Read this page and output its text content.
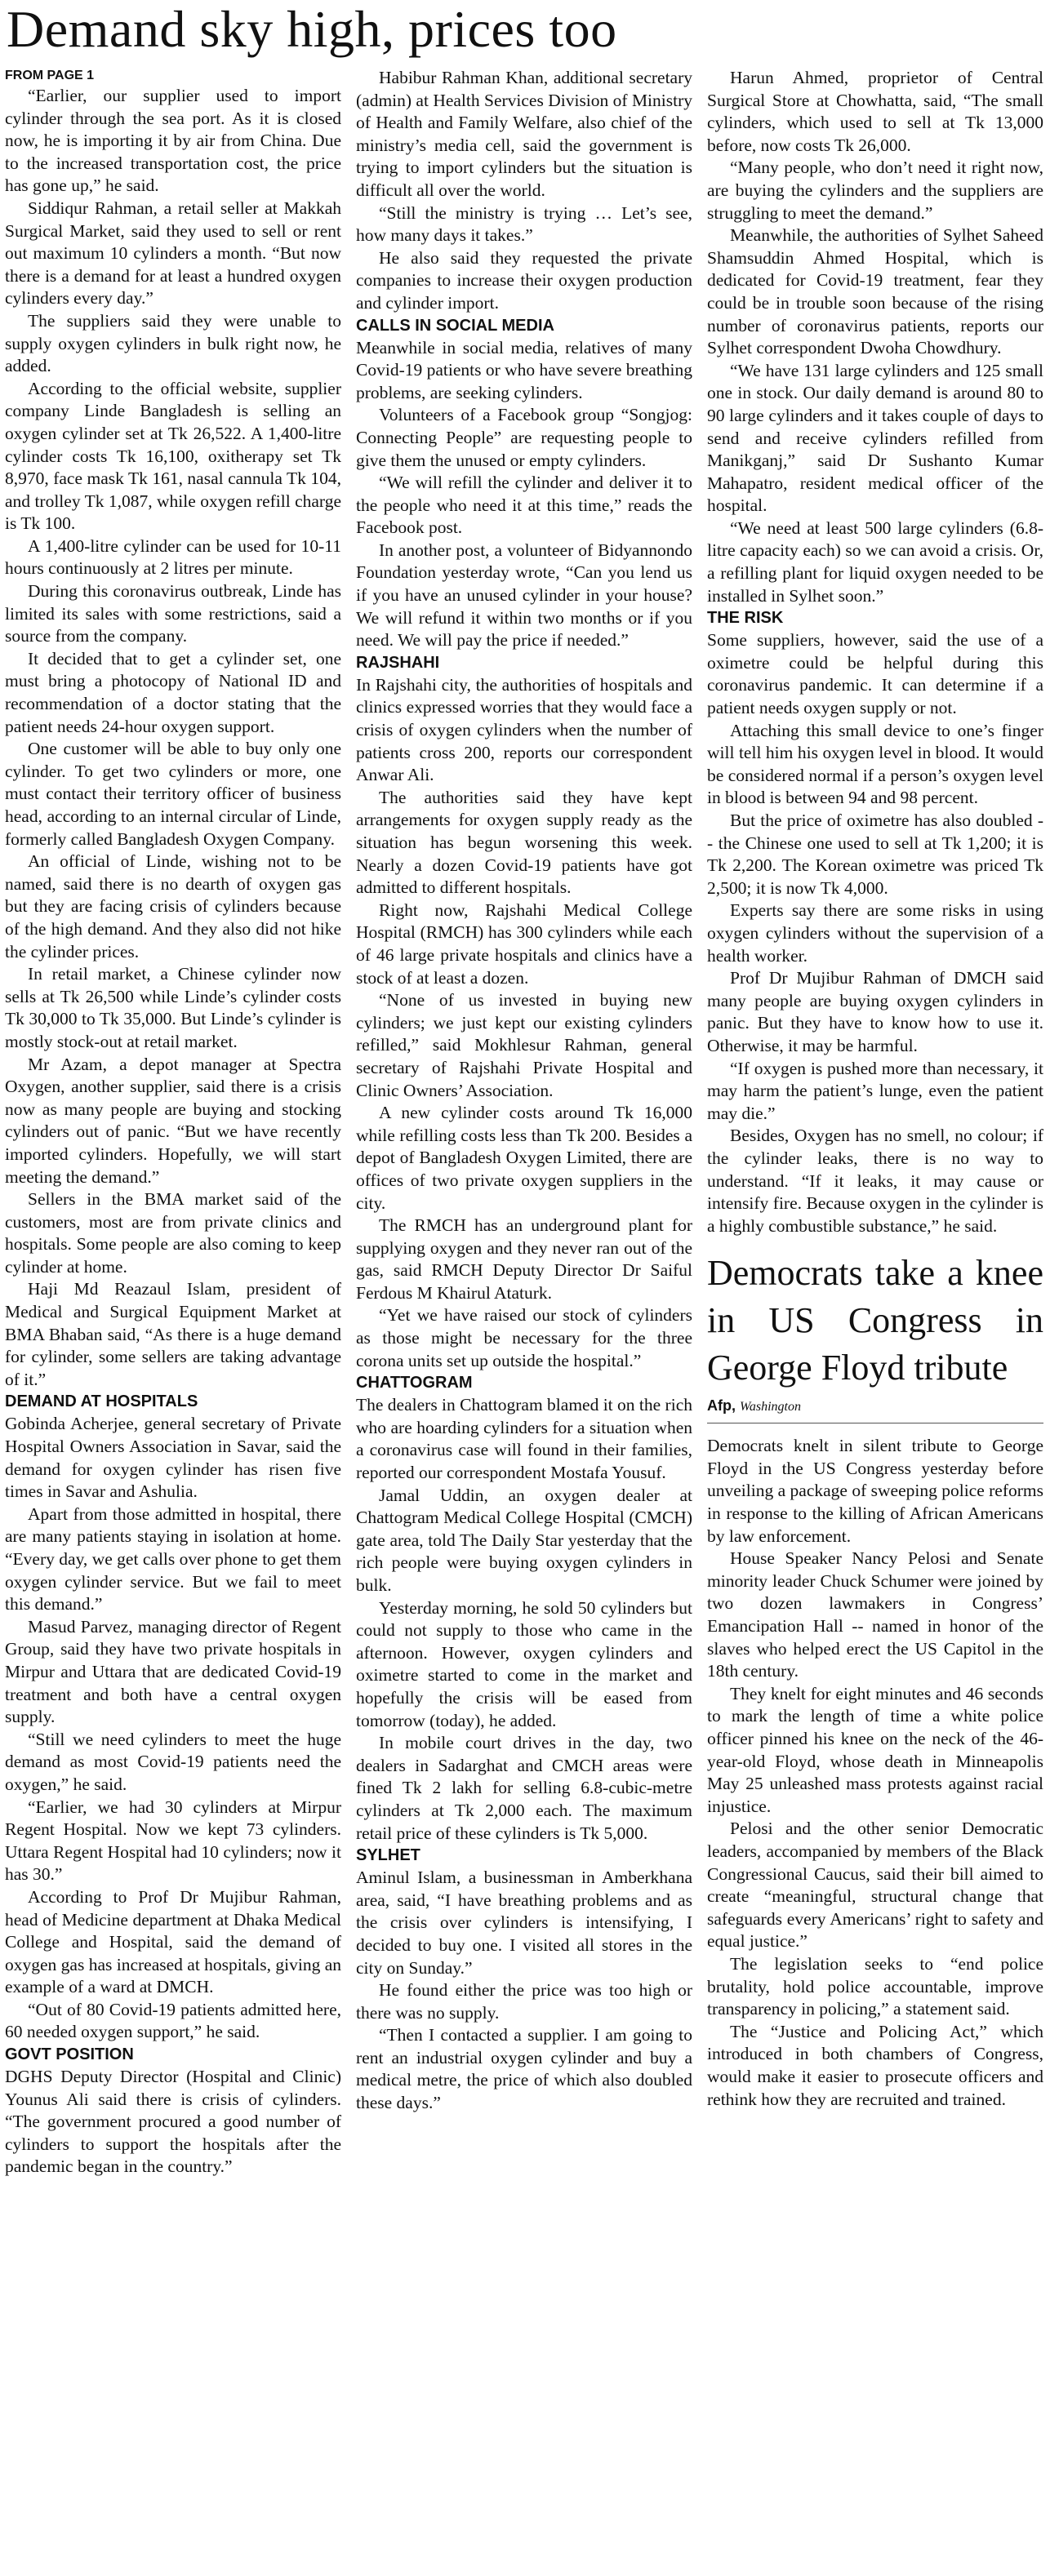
Demand sky high, prices too
FROM PAGE 1

“Earlier, our supplier used to import cylinder through the sea port. As it is closed now, he is importing it by air from China. Due to the increased transportation cost, the price has gone up,” he said.

Siddiqur Rahman, a retail seller at Makkah Surgical Market, said they used to sell or rent out maximum 10 cylinders a month. “But now there is a demand for at least a hundred oxygen cylinders every day.”

The suppliers said they were unable to supply oxygen cylinders in bulk right now, he added.

According to the official website, supplier company Linde Bangladesh is selling an oxygen cylinder set at Tk 26,522. A 1,400-litre cylinder costs Tk 16,100, oxitherapy set Tk 8,970, face mask Tk 161, nasal cannula Tk 104, and trolley Tk 1,087, while oxygen refill charge is Tk 100.

A 1,400-litre cylinder can be used for 10-11 hours continuously at 2 litres per minute.

During this coronavirus outbreak, Linde has limited its sales with some restrictions, said a source from the company.

It decided that to get a cylinder set, one must bring a photocopy of National ID and recommendation of a doctor stating that the patient needs 24-hour oxygen support.

One customer will be able to buy only one cylinder. To get two cylinders or more, one must contact their territory officer of business head, according to an internal circular of Linde, formerly called Bangladesh Oxygen Company.

An official of Linde, wishing not to be named, said there is no dearth of oxygen gas but they are facing crisis of cylinders because of the high demand. And they also did not hike the cylinder prices.

In retail market, a Chinese cylinder now sells at Tk 26,500 while Linde’s cylinder costs Tk 30,000 to Tk 35,000. But Linde’s cylinder is mostly stock-out at retail market.

Mr Azam, a depot manager at Spectra Oxygen, another supplier, said there is a crisis now as many people are buying and stocking cylinders out of panic. “But we have recently imported cylinders. Hopefully, we will start meeting the demand.”

Sellers in the BMA market said of the customers, most are from private clinics and hospitals. Some people are also coming to keep cylinder at home.

Haji Md Reazaul Islam, president of Medical and Surgical Equipment Market at BMA Bhaban said, “As there is a huge demand for cylinder, some sellers are taking advantage of it.”

DEMAND AT HOSPITALS

Gobinda Acherjee, general secretary of Private Hospital Owners Association in Savar, said the demand for oxygen cylinder has risen five times in Savar and Ashulia.

Apart from those admitted in hospital, there are many patients staying in isolation at home. “Every day, we get calls over phone to get them oxygen cylinder service. But we fail to meet this demand.”

Masud Parvez, managing director of Regent Group, said they have two private hospitals in Mirpur and Uttara that are dedicated Covid-19 treatment and both have a central oxygen supply.

“Still we need cylinders to meet the huge demand as most Covid-19 patients need the oxygen,” he said.

“Earlier, we had 30 cylinders at Mirpur Regent Hospital. Now we kept 73 cylinders. Uttara Regent Hospital had 10 cylinders; now it has 30.”

According to Prof Dr Mujibur Rahman, head of Medicine department at Dhaka Medical College and Hospital, said the demand of oxygen gas has increased at hospitals, giving an example of a ward at DMCH.

“Out of 80 Covid-19 patients admitted here, 60 needed oxygen support,” he said.

GOVT POSITION

DGHS Deputy Director (Hospital and Clinic) Younus Ali said there is crisis of cylinders. “The government procured a good number of cylinders to support the hospitals after the pandemic began in the country.”

Habibur Rahman Khan, additional secretary (admin) at Health Services Division of Ministry of Health and Family Welfare, also chief of the ministry’s media cell, said the government is trying to import cylinders but the situation is difficult all over the world.

“Still the ministry is trying … Let’s see, how many days it takes.”

He also said they requested the private companies to increase their oxygen production and cylinder import.

CALLS IN SOCIAL MEDIA

Meanwhile in social media, relatives of many Covid-19 patients or who have severe breathing problems, are seeking cylinders.

Volunteers of a Facebook group “Songjog: Connecting People” are requesting people to give them the unused or empty cylinders.

“We will refill the cylinder and deliver it to the people who need it at this time,” reads the Facebook post.

In another post, a volunteer of Bidyannondo Foundation yesterday wrote, “Can you lend us if you have an unused cylinder in your house? We will refund it within two months or if you need. We will pay the price if needed.”

RAJSHAHI

In Rajshahi city, the authorities of hospitals and clinics expressed worries that they would face a crisis of oxygen cylinders when the number of patients cross 200, reports our correspondent Anwar Ali.

The authorities said they have kept arrangements for oxygen supply ready as the situation has begun worsening this week. Nearly a dozen Covid-19 patients have got admitted to different hospitals.

Right now, Rajshahi Medical College Hospital (RMCH) has 300 cylinders while each of 46 large private hospitals and clinics have a stock of at least a dozen.

“None of us invested in buying new cylinders; we just kept our existing cylinders refilled,” said Mokhlesur Rahman, general secretary of Rajshahi Private Hospital and Clinic Owners’ Association.

A new cylinder costs around Tk 16,000 while refilling costs less than Tk 200. Besides a depot of Bangladesh Oxygen Limited, there are offices of two private oxygen suppliers in the city.

The RMCH has an underground plant for supplying oxygen and they never ran out of the gas, said RMCH Deputy Director Dr Saiful Ferdous M Khairul Ataturk.

“Yet we have raised our stock of cylinders as those might be necessary for the three corona units set up outside the hospital.”

CHATTOGRAM

The dealers in Chattogram blamed it on the rich who are hoarding cylinders for a situation when a coronavirus case will found in their families, reported our correspondent Mostafa Yousuf.

Jamal Uddin, an oxygen dealer at Chattogram Medical College Hospital (CMCH) gate area, told The Daily Star yesterday that the rich people were buying oxygen cylinders in bulk.

Yesterday morning, he sold 50 cylinders but could not supply to those who came in the afternoon. However, oxygen cylinders and oximetre started to come in the market and hopefully the crisis will be eased from tomorrow (today), he added.

In mobile court drives in the day, two dealers in Sadarghat and CMCH areas were fined Tk 2 lakh for selling 6.8-cubic-metre cylinders at Tk 2,000 each. The maximum retail price of these cylinders is Tk 5,000.

SYLHET

Aminul Islam, a businessman in Amberkhana area, said, “I have breathing problems and as the crisis over cylinders is intensifying, I decided to buy one. I visited all stores in the city on Sunday.”

He found either the price was too high or there was no supply.

“Then I contacted a supplier. I am going to rent an industrial oxygen cylinder and buy a medical metre, the price of which also doubled these days.”

Harun Ahmed, proprietor of Central Surgical Store at Chowhatta, said, “The small cylinders, which used to sell at Tk 13,000 before, now costs Tk 26,000.

“Many people, who don’t need it right now, are buying the cylinders and the suppliers are struggling to meet the demand.”

Meanwhile, the authorities of Sylhet Saheed Shamsuddin Ahmed Hospital, which is dedicated for Covid-19 treatment, fear they could be in trouble soon because of the rising number of coronavirus patients, reports our Sylhet correspondent Dwoha Chowdhury.

“We have 131 large cylinders and 125 small one in stock. Our daily demand is around 80 to 90 large cylinders and it takes couple of days to send and receive cylinders refilled from Manikganj,” said Dr Sushanto Kumar Mahapatro, resident medical officer of the hospital.

“We need at least 500 large cylinders (6.8-litre capacity each) so we can avoid a crisis. Or, a refilling plant for liquid oxygen needed to be installed in Sylhet soon.”

THE RISK

Some suppliers, however, said the use of a oximetre could be helpful during this coronavirus pandemic. It can determine if a patient needs oxygen supply or not.

Attaching this small device to one’s finger will tell him his oxygen level in blood. It would be considered normal if a person’s oxygen level in blood is between 94 and 98 percent.

But the price of oximetre has also doubled -- the Chinese one used to sell at Tk 1,200; it is Tk 2,200. The Korean oximetre was priced Tk 2,500; it is now Tk 4,000.

Experts say there are some risks in using oxygen cylinders without the supervision of a health worker.

Prof Dr Mujibur Rahman of DMCH said many people are buying oxygen cylinders in panic. But they have to know how to use it. Otherwise, it may be harmful.

“If oxygen is pushed more than necessary, it may harm the patient’s lunge, even the patient may die.”

Besides, Oxygen has no smell, no colour; if the cylinder leaks, there is no way to understand. “If it leaks, it may cause or intensify fire. Because oxygen in the cylinder is a highly combustible substance,” he said.

Democrats take a knee in US Congress in George Floyd tribute
Afp, Washington

Democrats knelt in silent tribute to George Floyd in the US Congress yesterday before unveiling a package of sweeping police reforms in response to the killing of African Americans by law enforcement.

House Speaker Nancy Pelosi and Senate minority leader Chuck Schumer were joined by two dozen lawmakers in Congress’ Emancipation Hall -- named in honor of the slaves who helped erect the US Capitol in the 18th century.

They knelt for eight minutes and 46 seconds to mark the length of time a white police officer pinned his knee on the neck of the 46-year-old Floyd, whose death in Minneapolis May 25 unleashed mass protests against racial injustice.

Pelosi and the other senior Democratic leaders, accompanied by members of the Black Congressional Caucus, said their bill aimed to create “meaningful, structural change that safeguards every Americans’ right to safety and equal justice.”

The legislation seeks to “end police brutality, hold police accountable, improve transparency in policing,” a statement said.

The “Justice and Policing Act,” which introduced in both chambers of Congress, would make it easier to prosecute officers and rethink how they are recruited and trained.
